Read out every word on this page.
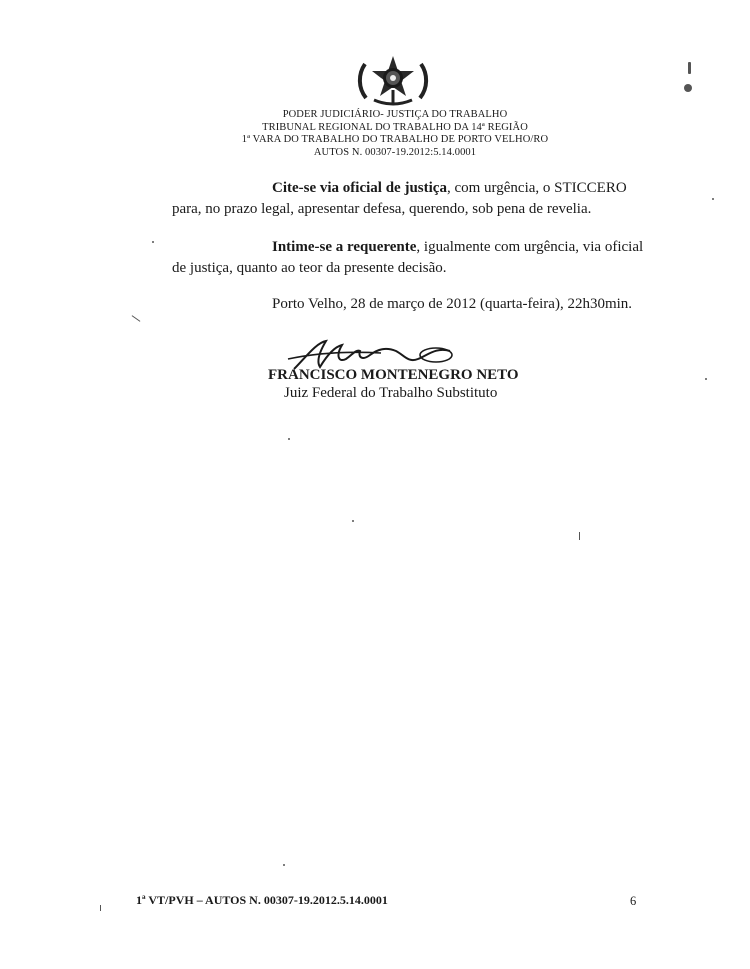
PODER JUDICIÁRIO- JUSTIÇA DO TRABALHO
TRIBUNAL REGIONAL DO TRABALHO DA 14ª REGIÃO
1ª VARA DO TRABALHO DO TRABALHO DE PORTO VELHO/RO
AUTOS N. 00307-19.2012:5.14.0001
Cite-se via oficial de justiça, com urgência, o STICCERO para, no prazo legal, apresentar defesa, querendo, sob pena de revelia.
Intime-se a requerente, igualmente com urgência, via oficial de justiça, quanto ao teor da presente decisão.
Porto Velho, 28 de março de 2012 (quarta-feira), 22h30min.
FRANCISCO MONTENEGRO NETO
Juiz Federal do Trabalho Substituto
1ª VT/PVH – AUTOS N. 00307-19.2012.5.14.0001	6
